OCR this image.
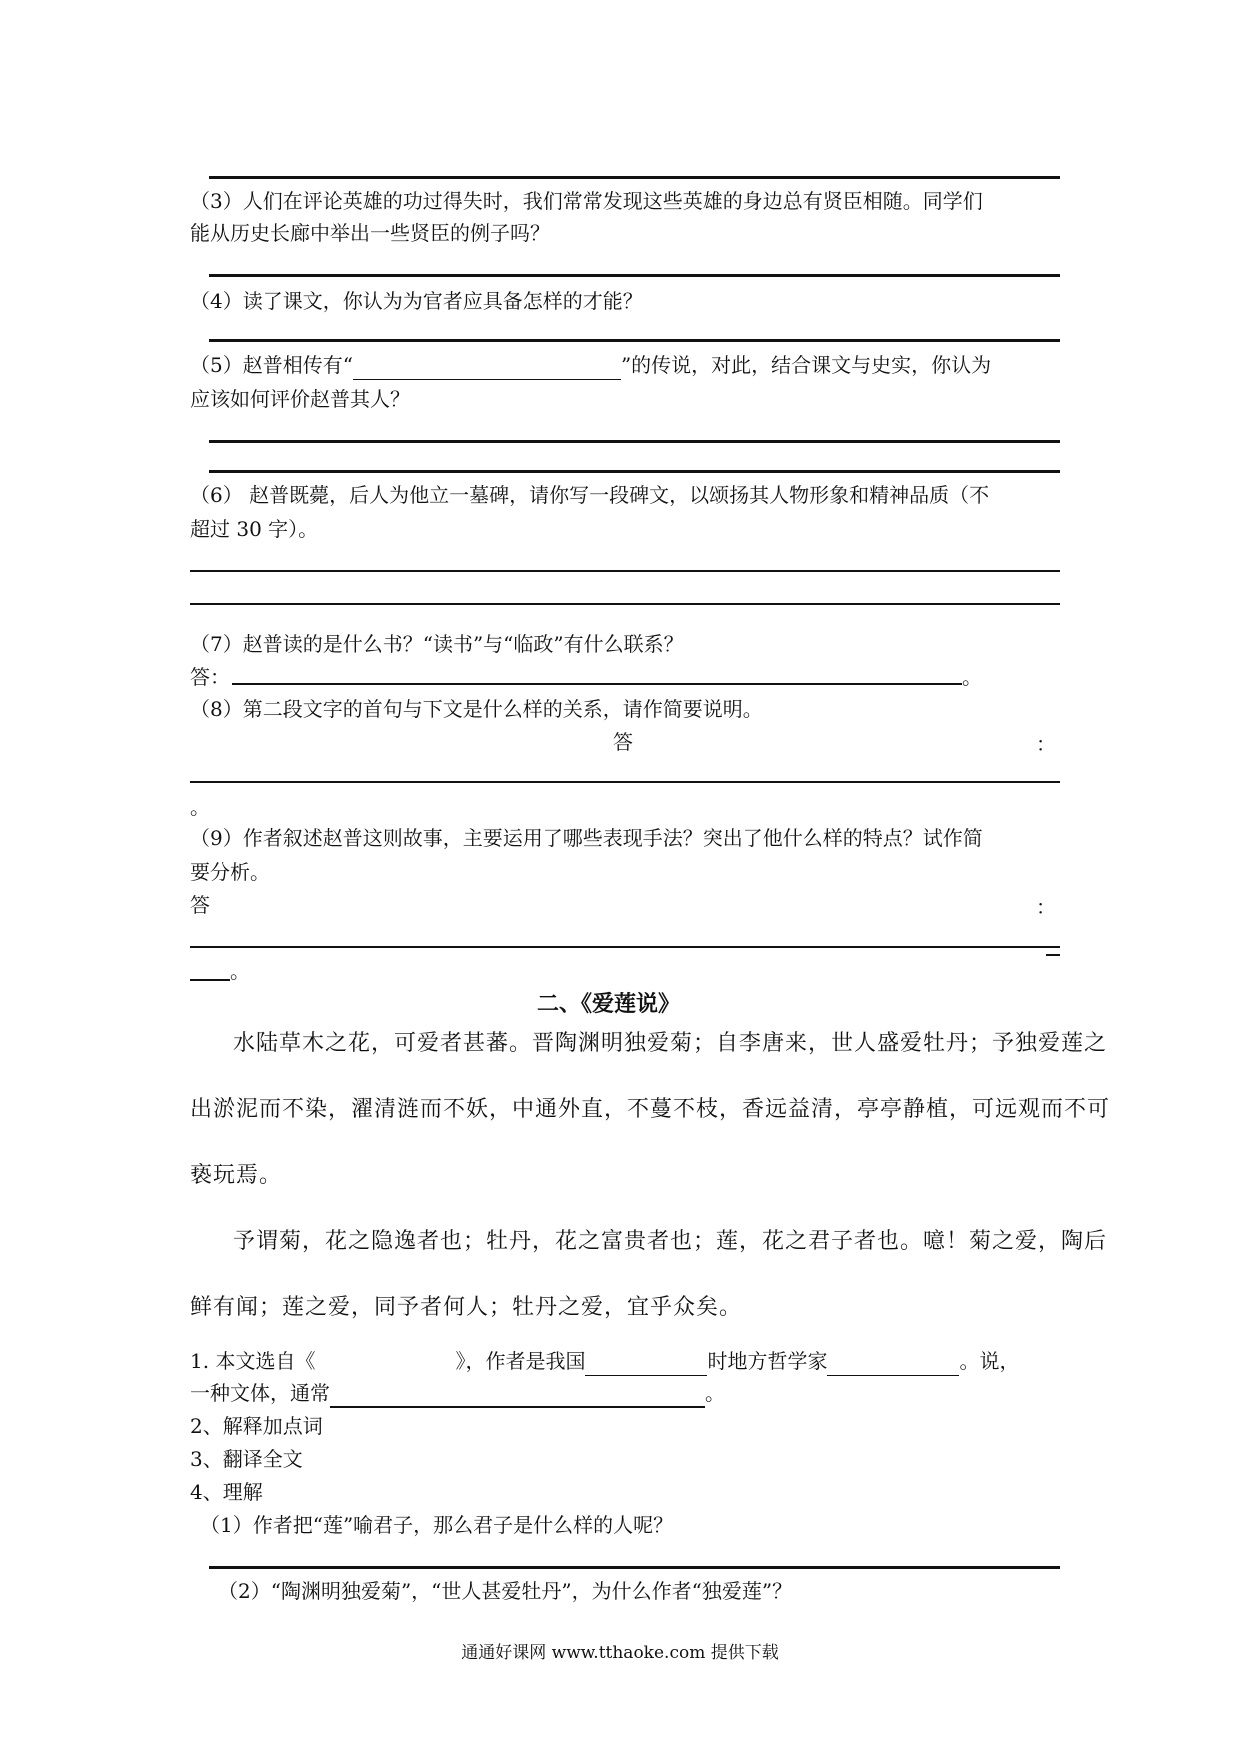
（3）人们在评论英雄的功过得失时，我们常常发现这些英雄的身边总有贤臣相随。同学们
能从历史长廊中举出一些贤臣的例子吗？
（4）读了课文，你认为为官者应具备怎样的才能？
（5）赵普相传有“	”的传说，对此，结合课文与史实，你认为
应该如何评价赵普其人？
（6） 赵普既薨，后人为他立一墓碑，请你写一段碑文，以颂扬其人物形象和精神品质（不
超过 30 字）。
（7）赵普读的是什么书？“读书”与“临政”有什么联系？
答：	。
（8）第二段文字的首句与下文是什么样的关系，请作简要说明。
答	：
。
（9）作者叙述赵普这则故事，主要运用了哪些表现手法？突出了他什么样的特点？试作简
要分析。
答	：
。
二、《爱莲说》
水陆草木之花，可爱者甚蕃。晋陶渊明独爱菊；自李唐来，世人盛爱牡丹；予独爱莲之
出淤泥而不染，濯清涟而不妖，中通外直，不蔓不枝，香远益清，亭亭静植，可远观而不可
亵玩焉。
予谓菊，花之隐逸者也；牡丹，花之富贵者也；莲，花之君子者也。噫！菊之爱，陶后
鲜有闻；莲之爱，同予者何人；牡丹之爱，宜乎众矣。
1. 本文选自《	》，作者是我国	时地方哲学家	。说，
一种文体，通常	。
2、解释加点词
3、翻译全文
4、理解
（1）作者把“莲”喻君子，那么君子是什么样的人呢？
（2）“陶渊明独爱菊”，“世人甚爱牡丹”，为什么作者“独爱莲”？
通通好课网 www.tthaoke.com 提供下载
